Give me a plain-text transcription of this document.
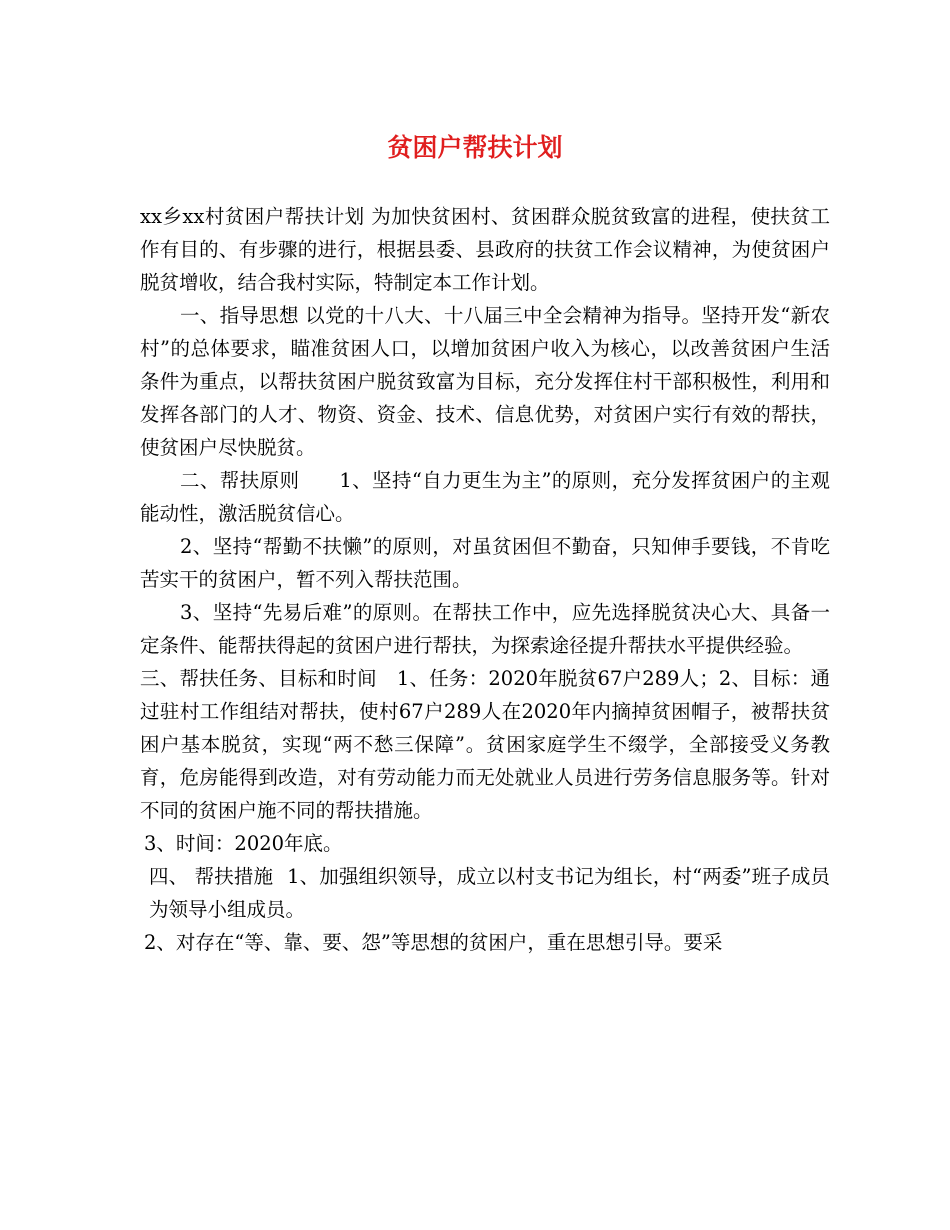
贫困户帮扶计划

xx乡xx村贫困户帮扶计划 为加快贫困村、贫困群众脱贫致富的进程，使扶贫工作有目的、有步骤的进行，根据县委、县政府的扶贫工作会议精神，为使贫困户脱贫增收，结合我村实际，特制定本工作计划。

一、指导思想 以党的十八大、十八届三中全会精神为指导。坚持开发“新农村”的总体要求，瞄准贫困人口，以增加贫困户收入为核心，以改善贫困户生活条件为重点，以帮扶贫困户脱贫致富为目标，充分发挥住村干部积极性，利用和发挥各部门的人才、物资、资金、技术、信息优势，对贫困户实行有效的帮扶，使贫困户尽快脱贫。

二、帮扶原则 1、坚持“自力更生为主”的原则，充分发挥贫困户的主观能动性，激活脱贫信心。

2、坚持“帮勤不扶懒”的原则，对虽贫困但不勤奋，只知伸手要钱，不肯吃苦实干的贫困户，暂不列入帮扶范围。

3、坚持“先易后难”的原则。在帮扶工作中，应先选择脱贫决心大、具备一定条件、能帮扶得起的贫困户进行帮扶，为探索途径提升帮扶水平提供经验。

三、帮扶任务、目标和时间 1、任务：2020年脱贫67户289人；2、目标：通过驻村工作组结对帮扶，使村67户289人在2020年内摘掉贫困帽子，被帮扶贫困户基本脱贫，实现“两不愁三保障”。贫困家庭学生不缀学，全部接受义务教育，危房能得到改造，对有劳动能力而无处就业人员进行劳务信息服务等。针对不同的贫困户施不同的帮扶措施。

3、时间：2020年底。

四、 帮扶措施 1、加强组织领导，成立以村支书记为组长，村“两委”班子成员为领导小组成员。

2、对存在“等、靠、要、怨”等思想的贫困户，重在思想引导。要采
